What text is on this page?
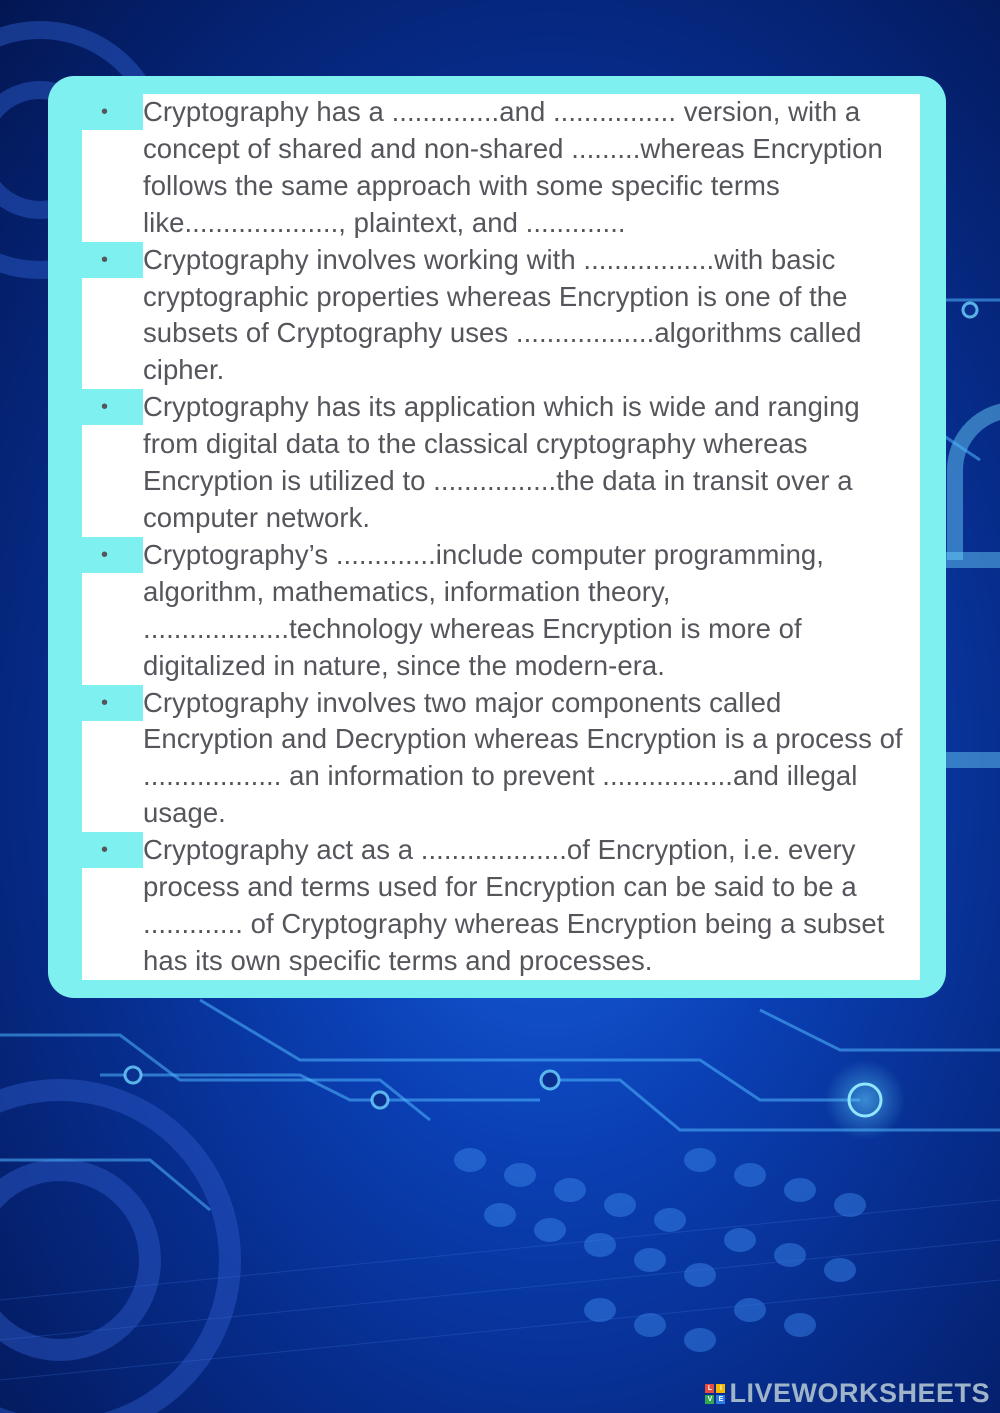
•	Cryptography has a ..............and ................ version, with a concept of shared and non-shared .........whereas Encryption follows the same approach with some specific terms like...................., plaintext, and .............
•	Cryptography involves working with .................with basic cryptographic properties whereas Encryption is one of the subsets of Cryptography uses ..................algorithms called cipher.
•	Cryptography has its application which is wide and ranging from digital data to the classical cryptography whereas Encryption is utilized to ................the data in transit over a computer network.
•	Cryptography’s .............include computer programming, algorithm, mathematics, information theory, ...................technology whereas Encryption is more of digitalized in nature, since the modern-era.
•	Cryptography involves two major components called Encryption and Decryption whereas Encryption is a process of .................. an information to prevent .................and illegal usage.
•	Cryptography act as a ...................of Encryption, i.e. every process and terms used for Encryption can be said to be a ............. of Cryptography whereas Encryption being a subset has its own specific terms and processes.
L	I
V E LIVEWORKSHEETS
